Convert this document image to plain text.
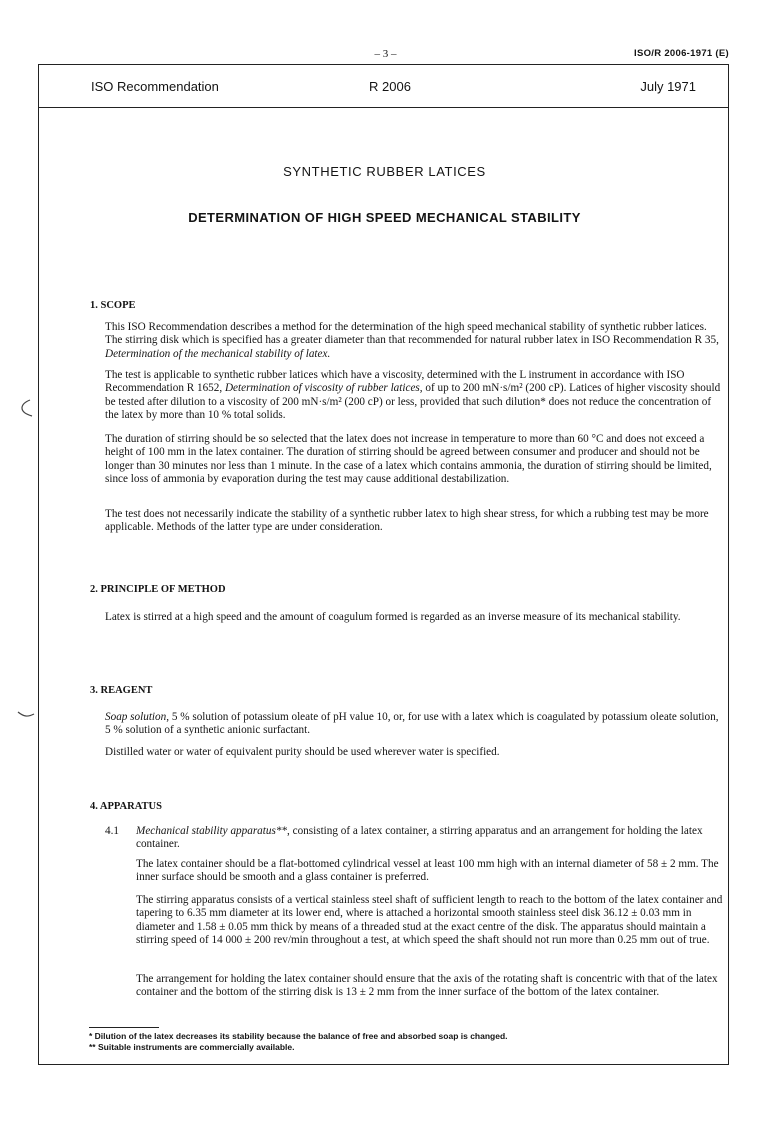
– 3 –	ISO/R 2006-1971 (E)
ISO Recommendation	R 2006	July 1971
SYNTHETIC RUBBER LATICES
DETERMINATION OF HIGH SPEED MECHANICAL STABILITY
1. SCOPE
This ISO Recommendation describes a method for the determination of the high speed mechanical stability of synthetic rubber latices. The stirring disk which is specified has a greater diameter than that recommended for natural rubber latex in ISO Recommendation R 35, Determination of the mechanical stability of latex.
The test is applicable to synthetic rubber latices which have a viscosity, determined with the L instrument in accordance with ISO Recommendation R 1652, Determination of viscosity of rubber latices, of up to 200 mN·s/m² (200 cP). Latices of higher viscosity should be tested after dilution to a viscosity of 200 mN·s/m² (200 cP) or less, provided that such dilution* does not reduce the concentration of the latex by more than 10 % total solids.
The duration of stirring should be so selected that the latex does not increase in temperature to more than 60 °C and does not exceed a height of 100 mm in the latex container. The duration of stirring should be agreed between consumer and producer and should not be longer than 30 minutes nor less than 1 minute. In the case of a latex which contains ammonia, the duration of stirring should be limited, since loss of ammonia by evaporation during the test may cause additional destabilization.
The test does not necessarily indicate the stability of a synthetic rubber latex to high shear stress, for which a rubbing test may be more applicable. Methods of the latter type are under consideration.
2. PRINCIPLE OF METHOD
Latex is stirred at a high speed and the amount of coagulum formed is regarded as an inverse measure of its mechanical stability.
3. REAGENT
Soap solution, 5 % solution of potassium oleate of pH value 10, or, for use with a latex which is coagulated by potassium oleate solution, 5 % solution of a synthetic anionic surfactant.
Distilled water or water of equivalent purity should be used wherever water is specified.
4. APPARATUS
4.1 Mechanical stability apparatus**, consisting of a latex container, a stirring apparatus and an arrangement for holding the latex container.
The latex container should be a flat-bottomed cylindrical vessel at least 100 mm high with an internal diameter of 58 ± 2 mm. The inner surface should be smooth and a glass container is preferred.
The stirring apparatus consists of a vertical stainless steel shaft of sufficient length to reach to the bottom of the latex container and tapering to 6.35 mm diameter at its lower end, where is attached a horizontal smooth stainless steel disk 36.12 ± 0.03 mm in diameter and 1.58 ± 0.05 mm thick by means of a threaded stud at the exact centre of the disk. The apparatus should maintain a stirring speed of 14 000 ± 200 rev/min throughout a test, at which speed the shaft should not run more than 0.25 mm out of true.
The arrangement for holding the latex container should ensure that the axis of the rotating shaft is concentric with that of the latex container and the bottom of the stirring disk is 13 ± 2 mm from the inner surface of the bottom of the latex container.
* Dilution of the latex decreases its stability because the balance of free and absorbed soap is changed.
** Suitable instruments are commercially available.
